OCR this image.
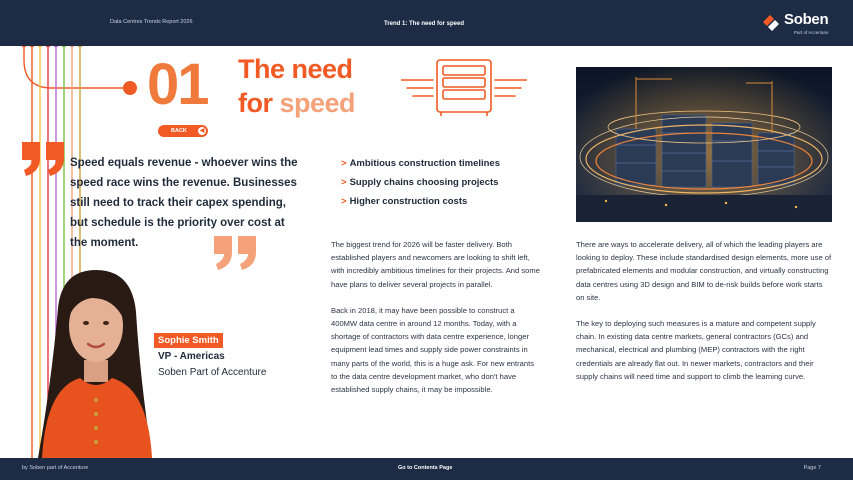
Data Centres Trends Report 2026	Trend 1: The need for speed	Soben
Part of Accenture
01 The need
for speed
BACK ◀
Speed equals revenue - whoever wins the speed race wins the revenue. Businesses still need to track their capex spending, but schedule is the priority over cost at the moment.
Sophie Smith
VP - Americas
Soben Part of Accenture
> Ambitious construction timelines
> Supply chains choosing projects
> Higher construction costs

The biggest trend for 2026 will be faster delivery. Both established players and newcomers are looking to shift left, with incredibly ambitious timelines for their projects. And some have plans to deliver several projects in parallel.

Back in 2018, it may have been possible to construct a 400MW data centre in around 12 months. Today, with a shortage of contractors with data centre experience, longer equipment lead times and supply side power constraints in many parts of the world, this is a huge ask. For new entrants to the data centre development market, who don't have established supply chains, it may be impossible.

There are ways to accelerate delivery, all of which the leading players are looking to deploy. These include standardised design elements, more use of prefabricated elements and modular construction, and virtually constructing data centres using 3D design and BIM to de-risk builds before work starts on site.

The key to deploying such measures is a mature and competent supply chain. In existing data centre markets, general contractors (GCs) and mechanical, electrical and plumbing (MEP) contractors with the right credentials are already flat out. In newer markets, contractors and their supply chains will need time and support to climb the learning curve.

by Soben part of Accenture	Go to Contents Page	Page 7
